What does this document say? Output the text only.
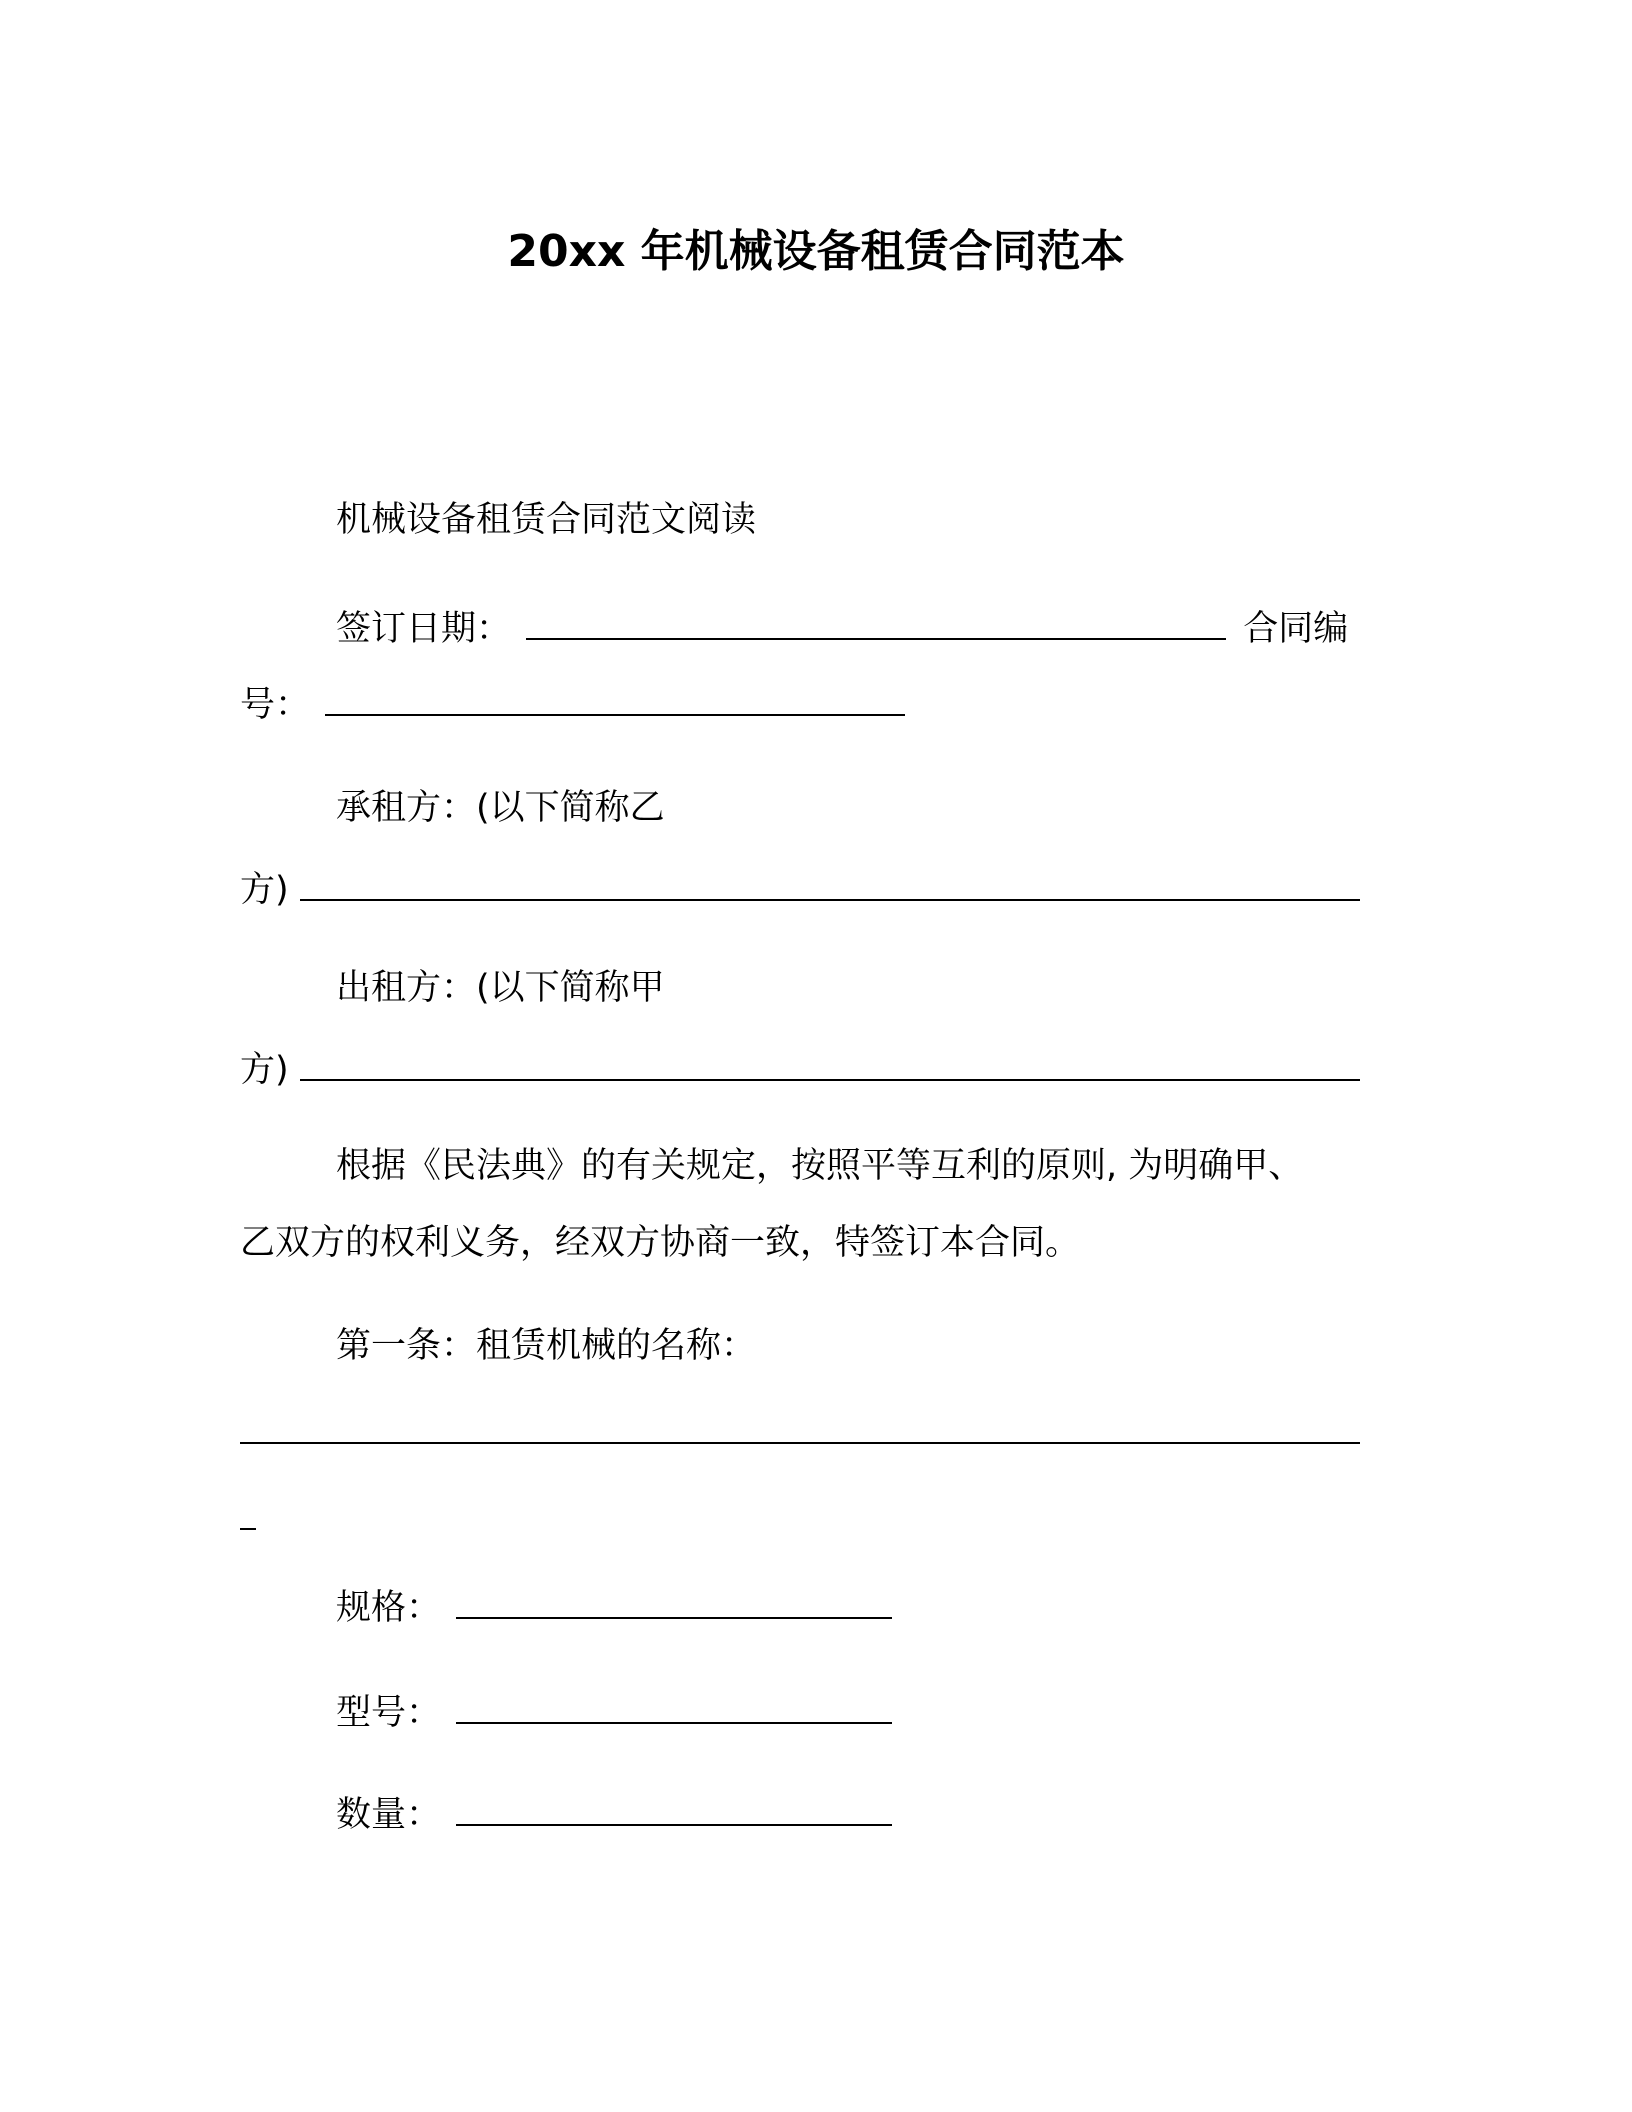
20xx 年机械设备租赁合同范本
机械设备租赁合同范文阅读
签订日期：	合同编
号：
承租方：(以下简称乙
方)
出租方：(以下简称甲
方)
根据《民法典》的有关规定，按照平等互利的原则, 为明确甲、
乙双方的权利义务，经双方协商一致，特签订本合同。
第一条：租赁机械的名称：
规格：
型号：
数量：
